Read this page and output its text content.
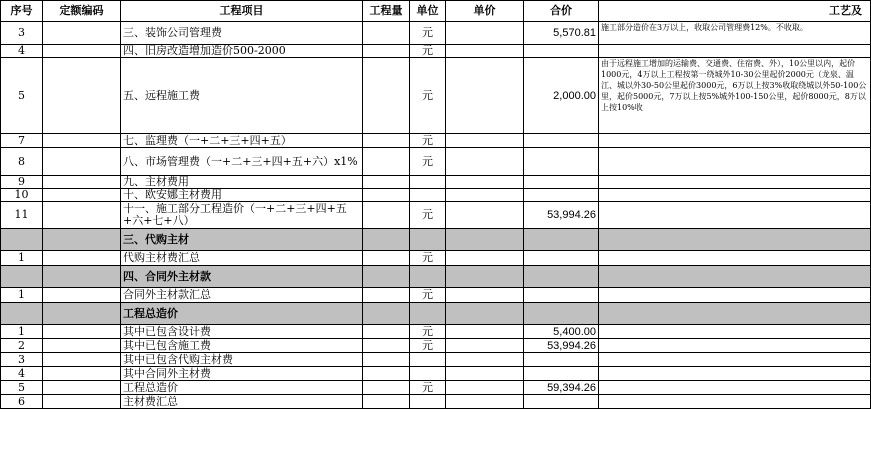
序号	定额编码	工程项目	工程量	单位	单价	合价	工艺及
3		三、装饰公司管理费		元		5,570.81	施工部分造价在3万以上，收取公司管理费12%。不收取。
4		四、旧房改造增加造价500-2000		元			
5		五、远程施工费		元		2,000.00	由于远程施工增加的运输费、交通费、住宿费、外），10公里以内，起价1000元，4万以上工程按第一绕城外10-30公里起价2000元（龙泉、温江、城以外30-50公里起价3000元，6万以上按3%收取绕城以外50-100公里，起价5000元，7万以上按5%城外100-150公里，起价8000元，8万以上按10%收
7		七、监理费（一+二+三+四+五）		元			
8		八、市场管理费（一+二+三+四+五+六）x1%		元			
9		九、主材费用					
10		十、欧安娜主材费用					
11		十一、施工部分工程造价（一+二+三+四+五+六+七+八）		元		53,994.26	
		三、代购主材					
1		代购主材费汇总		元			
		四、合同外主材款					
1		合同外主材款汇总		元			
		工程总造价					
1		其中已包含设计费		元		5,400.00	
2		其中已包含施工费		元		53,994.26	
3		其中已包含代购主材费					
4		其中合同外主材费					
5		工程总造价		元		59,394.26	
6		主材费汇总					
